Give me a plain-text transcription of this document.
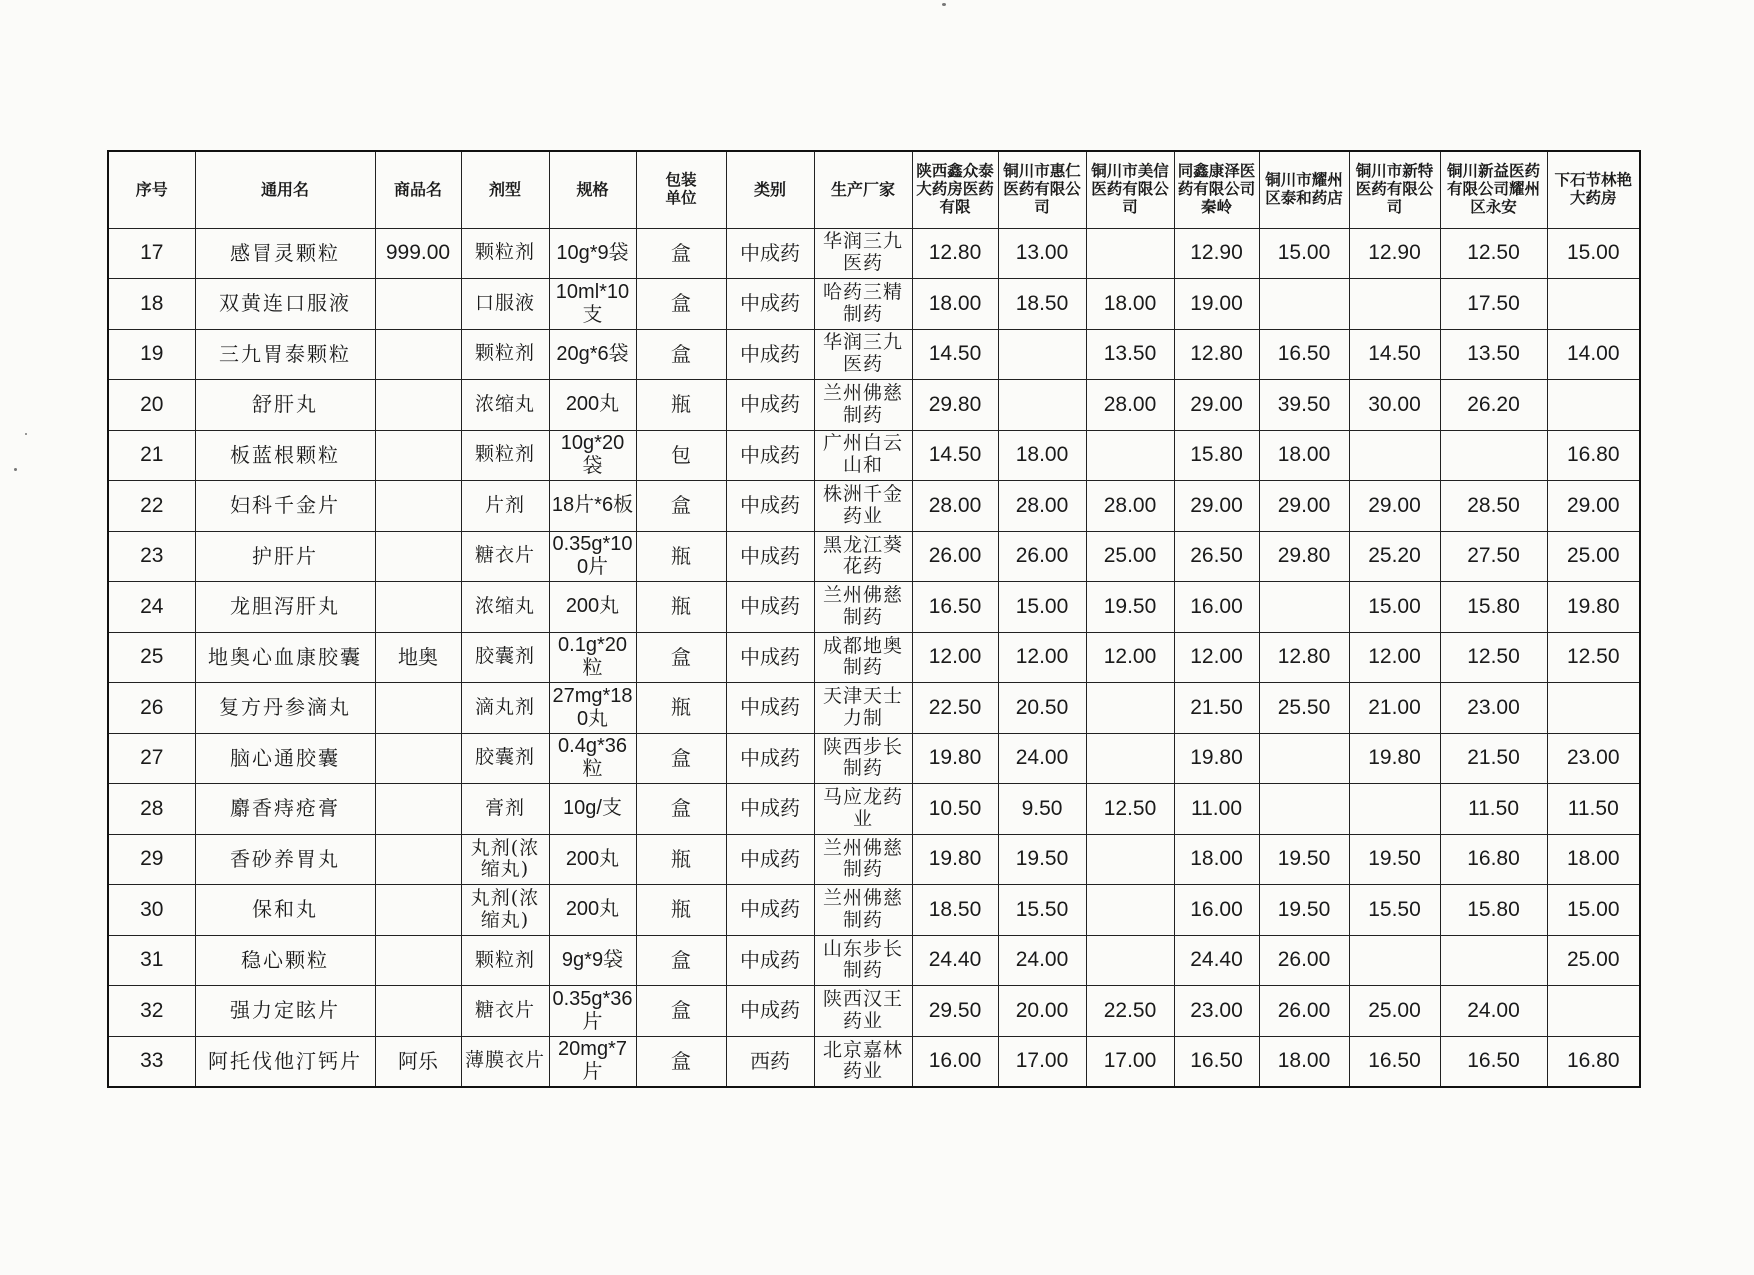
序号	通用名	商品名	剂型	规格	包装单位	类别	生产厂家	陕西鑫众泰大药房医药有限	铜川市惠仁医药有限公司	铜川市美信医药有限公司	同鑫康泽医药有限公司秦岭	铜川市耀州区泰和药店	铜川市新特医药有限公司	铜川新益医药有限公司耀州区永安	下石节林艳大药房
17	感冒灵颗粒	999.00	颗粒剂	10g*9袋	盒	中成药	华润三九医药	12.80	13.00		12.90	15.00	12.90	12.50	15.00
18	双黄连口服液		口服液	10ml*10支	盒	中成药	哈药三精制药	18.00	18.50	18.00	19.00			17.50	
19	三九胃泰颗粒		颗粒剂	20g*6袋	盒	中成药	华润三九医药	14.50		13.50	12.80	16.50	14.50	13.50	14.00
20	舒肝丸		浓缩丸	200丸	瓶	中成药	兰州佛慈制药	29.80		28.00	29.00	39.50	30.00	26.20	
21	板蓝根颗粒		颗粒剂	10g*20袋	包	中成药	广州白云山和	14.50	18.00		15.80	18.00			16.80
22	妇科千金片		片剂	18片*6板	盒	中成药	株洲千金药业	28.00	28.00	28.00	29.00	29.00	29.00	28.50	29.00
23	护肝片		糖衣片	0.35g*100片	瓶	中成药	黑龙江葵花药	26.00	26.00	25.00	26.50	29.80	25.20	27.50	25.00
24	龙胆泻肝丸		浓缩丸	200丸	瓶	中成药	兰州佛慈制药	16.50	15.00	19.50	16.00		15.00	15.80	19.80
25	地奥心血康胶囊	地奥	胶囊剂	0.1g*20粒	盒	中成药	成都地奥制药	12.00	12.00	12.00	12.00	12.80	12.00	12.50	12.50
26	复方丹参滴丸		滴丸剂	27mg*180丸	瓶	中成药	天津天士力制	22.50	20.50		21.50	25.50	21.00	23.00	
27	脑心通胶囊		胶囊剂	0.4g*36粒	盒	中成药	陕西步长制药	19.80	24.00		19.80		19.80	21.50	23.00
28	麝香痔疮膏		膏剂	10g/支	盒	中成药	马应龙药业	10.50	9.50	12.50	11.00			11.50	11.50
29	香砂养胃丸		丸剂(浓缩丸)	200丸	瓶	中成药	兰州佛慈制药	19.80	19.50		18.00	19.50	19.50	16.80	18.00
30	保和丸		丸剂(浓缩丸)	200丸	瓶	中成药	兰州佛慈制药	18.50	15.50		16.00	19.50	15.50	15.80	15.00
31	稳心颗粒		颗粒剂	9g*9袋	盒	中成药	山东步长制药	24.40	24.00		24.40	26.00			25.00
32	强力定眩片		糖衣片	0.35g*36片	盒	中成药	陕西汉王药业	29.50	20.00	22.50	23.00	26.00	25.00	24.00	
33	阿托伐他汀钙片	阿乐	薄膜衣片	20mg*7片	盒	西药	北京嘉林药业	16.00	17.00	17.00	16.50	18.00	16.50	16.50	16.80
